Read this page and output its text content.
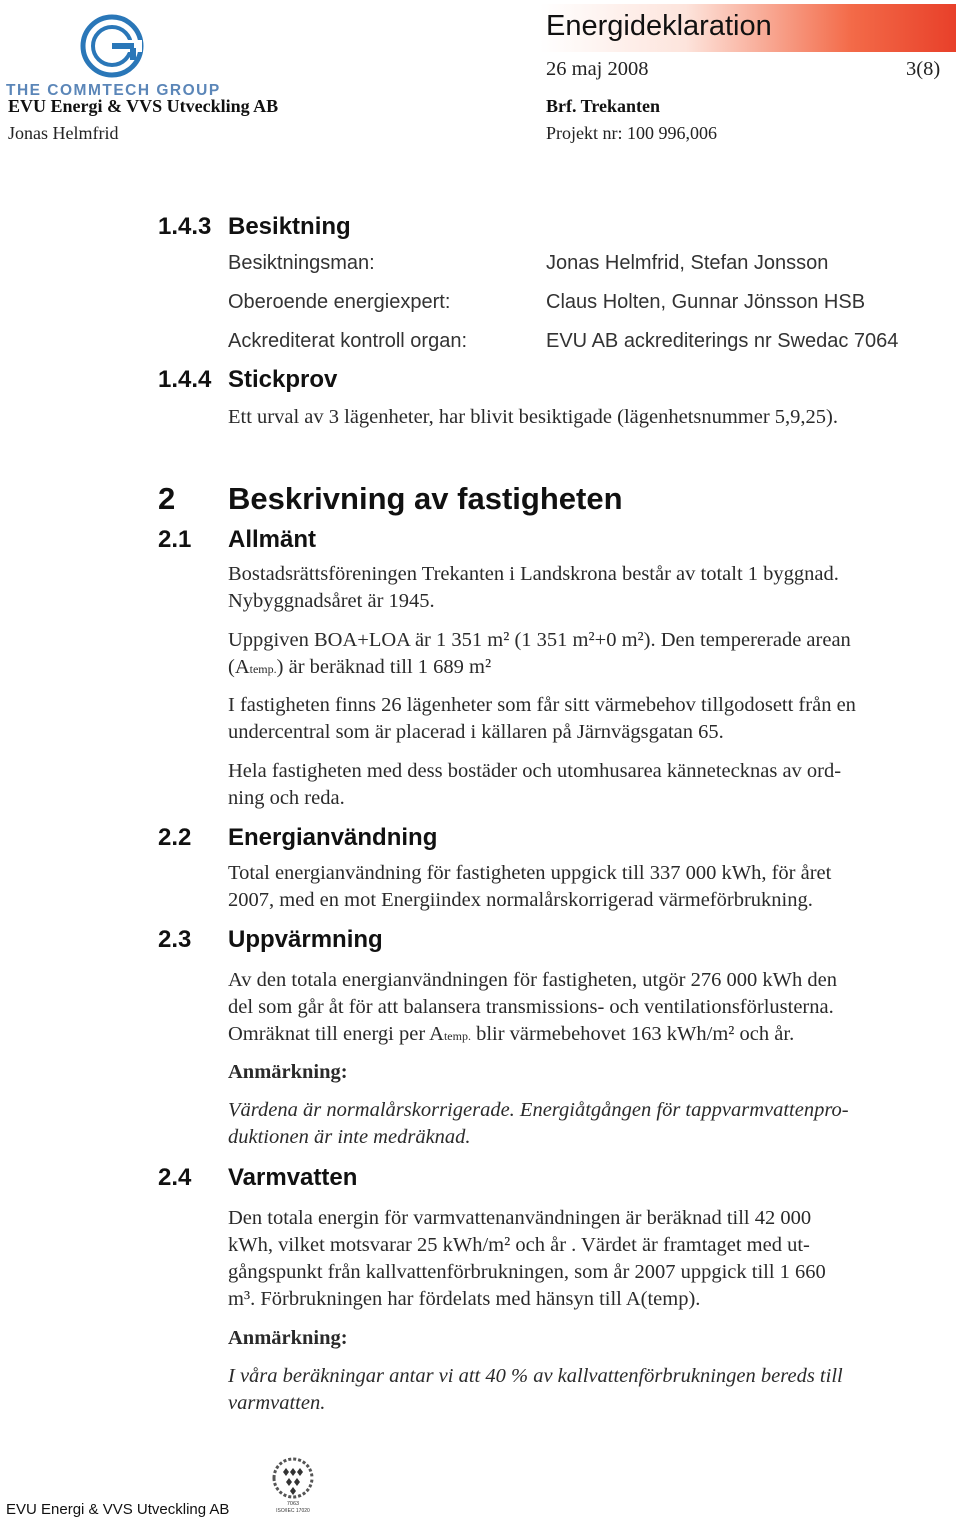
THE COMMTECH GROUP
EVU Energi & VVS Utveckling AB
Jonas Helmfrid
Energideklaration
26 maj 2008	3(8)
Brf. Trekanten
Projekt nr: 100 996,006
1.4.3 Besiktning
Besiktningsman:	Jonas Helmfrid, Stefan Jonsson
Oberoende energiexpert:	Claus Holten, Gunnar Jönsson HSB
Ackrediterat kontroll organ:	EVU AB ackrediterings nr Swedac 7064
1.4.4 Stickprov
Ett urval av 3 lägenheter, har blivit besiktigade (lägenhetsnummer 5,9,25).
2 Beskrivning av fastigheten
2.1 Allmänt
Bostadsrättsföreningen Trekanten i Landskrona består av totalt 1 byggnad.
Nybyggnadsåret är 1945.
Uppgiven BOA+LOA är 1 351 m² (1 351 m²+0 m²). Den tempererade arean
(Atemp.) är beräknad till 1 689 m²
I fastigheten finns 26 lägenheter som får sitt värmebehov tillgodosett från en
undercentral som är placerad i källaren på Järnvägsgatan 65.
Hela fastigheten med dess bostäder och utomhusarea kännetecknas av ord-
ning och reda.
2.2 Energianvändning
Total energianvändning för fastigheten uppgick till 337 000 kWh, för året
2007, med en mot Energiindex normalårskorrigerad värmeförbrukning.
2.3 Uppvärmning
Av den totala energianvändningen för fastigheten, utgör 276 000 kWh den
del som går åt för att balansera transmissions- och ventilationsförlusterna.
Omräknat till energi per Atemp. blir värmebehovet 163 kWh/m² och år.
Anmärkning:
Värdena är normalårskorrigerade. Energiåtgången för tappvarmvattenpro-
duktionen är inte medräknad.
2.4 Varmvatten
Den totala energin för varmvattenanvändningen är beräknad till 42 000
kWh, vilket motsvarar 25 kWh/m² och år . Värdet är framtaget med ut-
gångspunkt från kallvattenförbrukningen, som år 2007 uppgick till 1 660
m³. Förbrukningen har fördelats med hänsyn till A(temp).
Anmärkning:
I våra beräkningar antar vi att 40 % av kallvattenförbrukningen bereds till
varmvatten.
EVU Energi & VVS Utveckling AB	7063
ISO/IEC 17020
